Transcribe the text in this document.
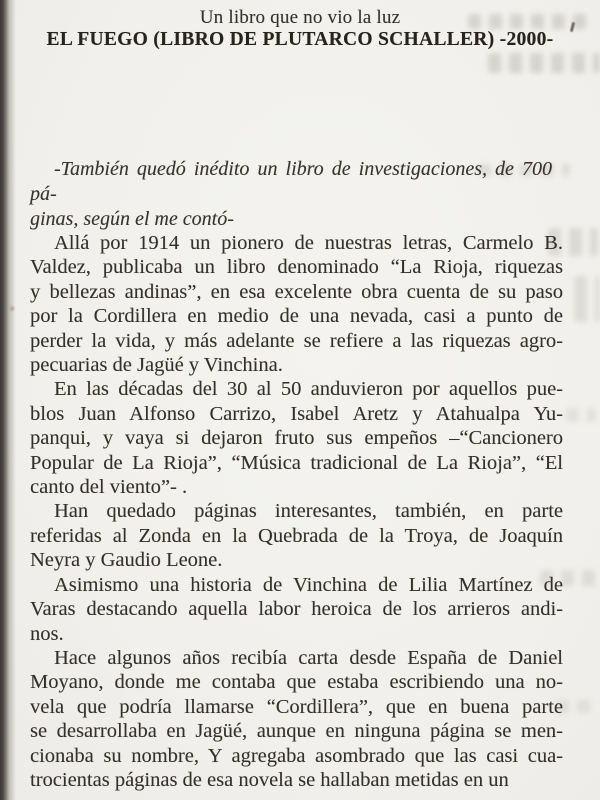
Un libro que no vio la luz
EL FUEGO (LIBRO DE PLUTARCO SCHALLER) -2000-
-También quedó inédito un libro de investigaciones, de 700 pá-
ginas, según el me contó-
Allá por 1914 un pionero de nuestras letras, Carmelo B.
Valdez, publicaba un libro denominado “La Rioja, riquezas
y bellezas andinas”, en esa excelente obra cuenta de su paso
por la Cordillera en medio de una nevada, casi a punto de
perder la vida, y más adelante se refiere a las riquezas agro-
pecuarias de Jagüé y Vinchina.
En las décadas del 30 al 50 anduvieron por aquellos pue-
blos Juan Alfonso Carrizo, Isabel Aretz y Atahualpa Yu-
panqui, y vaya si dejaron fruto sus empeños –“Cancionero
Popular de La Rioja”, “Música tradicional de La Rioja”, “El
canto del viento”- .
Han quedado páginas interesantes, también, en parte
referidas al Zonda en la Quebrada de la Troya, de Joaquín
Neyra y Gaudio Leone.
Asimismo una historia de Vinchina de Lilia Martínez de
Varas destacando aquella labor heroica de los arrieros andi-
nos.
Hace algunos años recibía carta desde España de Daniel
Moyano, donde me contaba que estaba escribiendo una no-
vela que podría llamarse “Cordillera”, que en buena parte
se desarrollaba en Jagüé, aunque en ninguna página se men-
cionaba su nombre, Y agregaba asombrado que las casi cua-
trocientas páginas de esa novela se hallaban metidas en un
